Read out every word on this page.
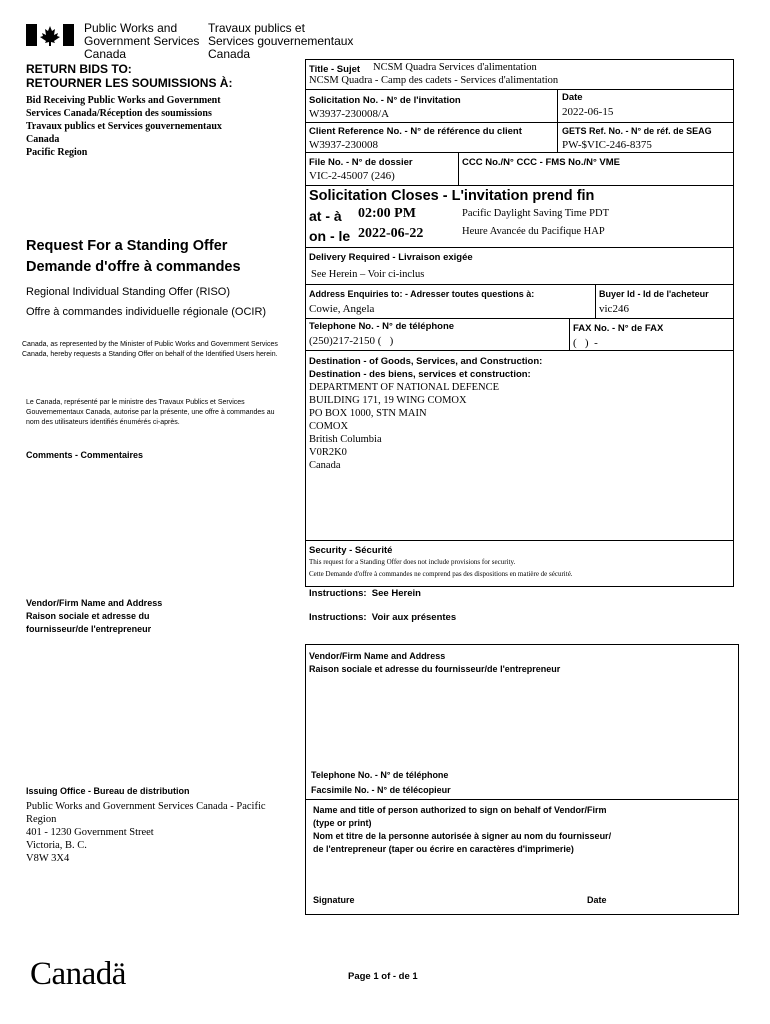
Public Works and
Government Services
Canada
Travaux publics et
Services gouvernementaux
Canada
RETURN BIDS TO:
RETOURNER LES SOUMISSIONS À:
Bid Receiving Public Works and Government
Services Canada/Réception des soumissions
Travaux publics et Services gouvernementaux
Canada
Pacific Region
Request For a Standing Offer
Demande d'offre à commandes
Regional Individual Standing Offer (RISO)
Offre à commandes individuelle régionale (OCIR)
Canada, as represented by the Minister of Public Works and Government Services Canada, hereby requests a Standing Offer on behalf of the Identified Users herein.
Le Canada, représenté par le ministre des Travaux Publics et Services Gouvernementaux Canada, autorise par la présente, une offre à commandes au nom des utilisateurs identifiés énumérés ci-après.
Comments - Commentaires
Vendor/Firm Name and Address
Raison sociale et adresse du
fournisseur/de l'entrepreneur
Issuing Office - Bureau de distribution
Public Works and Government Services Canada - Pacific
Region
401 - 1230 Government Street
Victoria, B. C.
V8W 3X4
Title - Sujet NCSM Quadra Services d'alimentation
NCSM Quadra - Camp des cadets - Services d'alimentation
Solicitation No. - N° de l'invitation
W3937-230008/A
Date
2022-06-15
Client Reference No. - N° de référence du client
W3937-230008
GETS Ref. No. - N° de réf. de SEAG
PW-$VIC-246-8375
File No. - N° de dossier
VIC-2-45007 (246)
CCC No./N° CCC - FMS No./N° VME
Solicitation Closes - L'invitation prend fin
at - à 02:00 PM	Pacific Daylight Saving Time PDT
on - le 2022-06-22	Heure Avancée du Pacifique HAP
Delivery Required - Livraison exigée
See Herein – Voir ci-inclus
Address Enquiries to: - Adresser toutes questions à:
Cowie, Angela
Buyer Id - Id de l'acheteur
vic246
Telephone No. - N° de téléphone
(250)217-2150 (   )
FAX No. - N° de FAX
(   )  -
Destination - of Goods, Services, and Construction:
Destination - des biens, services et construction:
DEPARTMENT OF NATIONAL DEFENCE
BUILDING 171, 19 WING COMOX
PO BOX 1000, STN MAIN
COMOX
British Columbia
V0R2K0
Canada
Security - Sécurité
This request for a Standing Offer does not include provisions for security.
Cette Demande d'offre à commandes ne comprend pas des dispositions en matière de sécurité.
Instructions:  See Herein
Instructions:  Voir aux présentes
Vendor/Firm Name and Address
Raison sociale et adresse du fournisseur/de l'entrepreneur
Telephone No. - N° de téléphone
Facsimile No. - N° de télécopieur
Name and title of person authorized to sign on behalf of Vendor/Firm
(type or print)
Nom et titre de la personne autorisée à signer au nom du fournisseur/
de l'entrepreneur (taper ou écrire en caractères d'imprimerie)
Signature	Date
Canadä	Page 1 of - de 1
